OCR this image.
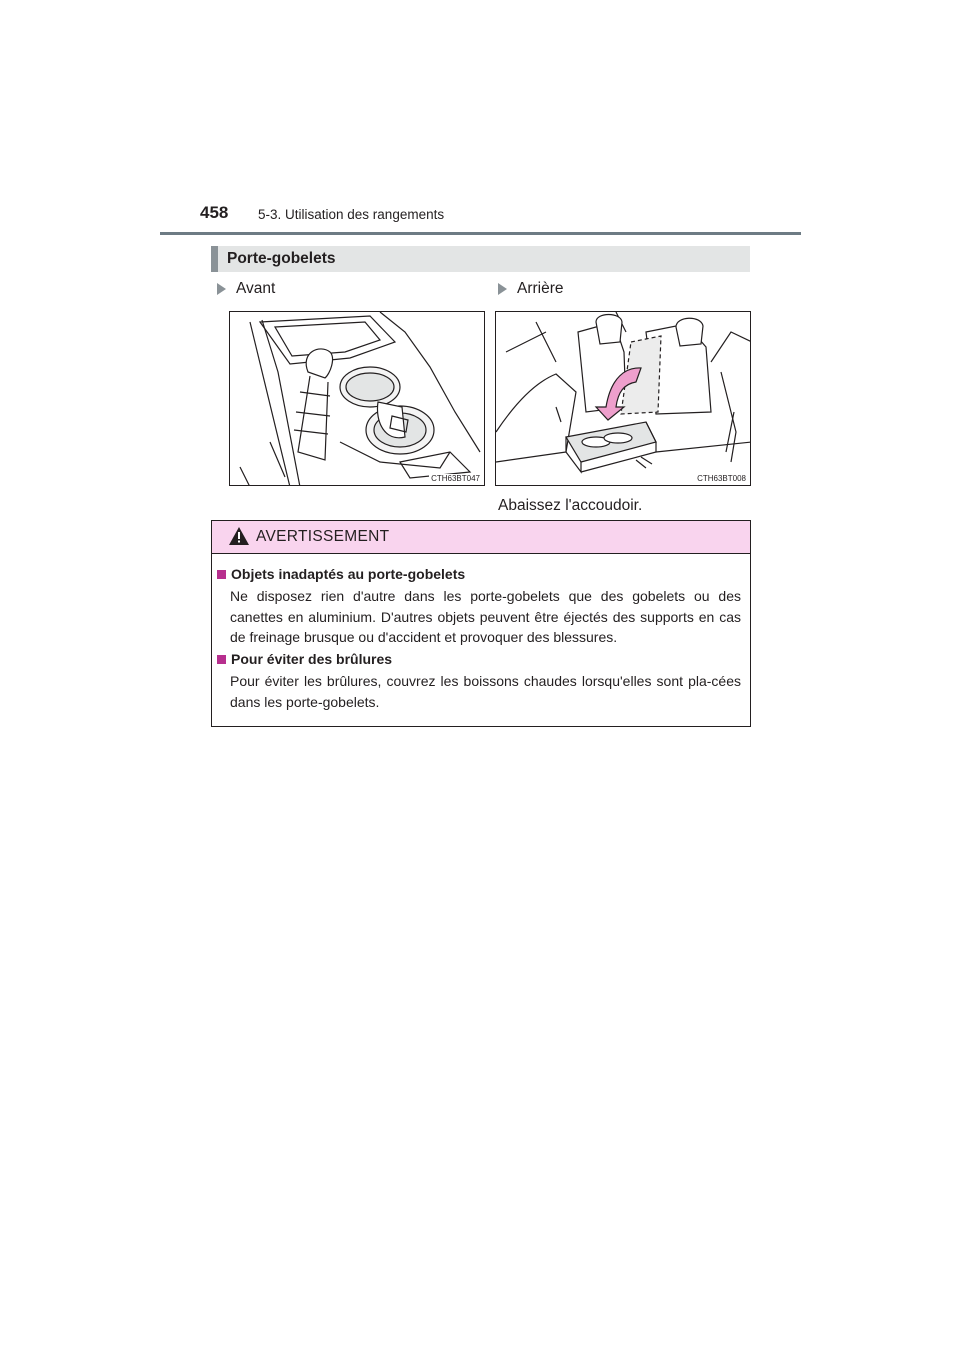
458 5-3. Utilisation des rangements
Porte-gobelets
Avant	Arrière
CTH63BT047	CTH63BT008
Abaissez l'accoudoir.
AVERTISSEMENT
Objets inadaptés au porte-gobelets
Ne disposez rien d'autre dans les porte-gobelets que des gobelets ou des canettes en aluminium. D'autres objets peuvent être éjectés des supports en cas de freinage brusque ou d'accident et provoquer des blessures.
Pour éviter des brûlures
Pour éviter les brûlures, couvrez les boissons chaudes lorsqu'elles sont pla-cées dans les porte-gobelets.
